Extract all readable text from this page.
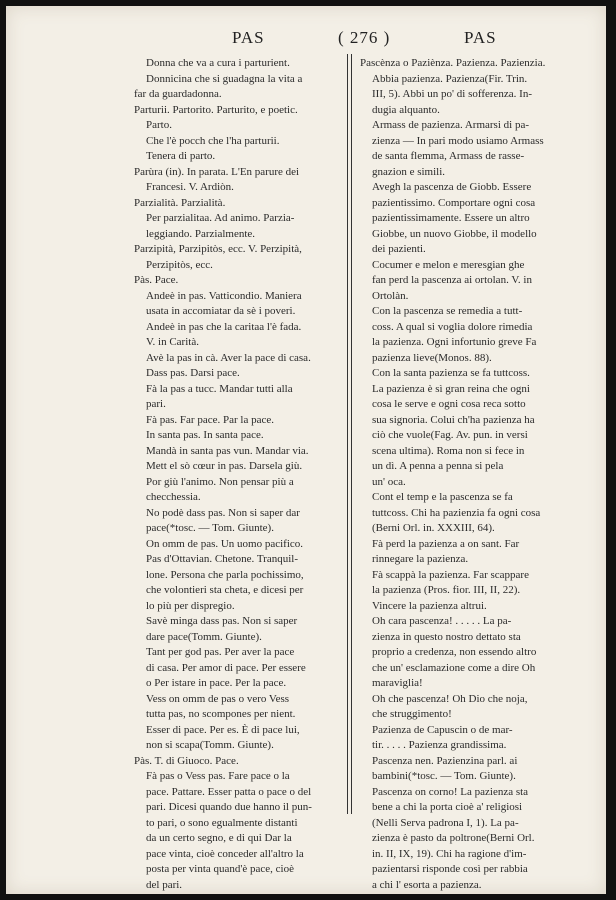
PAS	( 276 )	PAS
Donna che va a cura i parturient.
Donnicina che si guadagna la vita a
far da guardadonna.
Parturii. Partorito. Parturito, e poetic.
Parto.
Che l'è pocch che l'ha parturii.
Tenera di parto.
Parùra (in). In parata. L'En parure dei
Francesi. V. Ardiòn.
Parzialità. Parzialità.
Per parzialitaa. Ad animo. Parzia-
leggiando. Parzialmente.
Parzipità, Parzipitòs, ecc. V. Perzipità,
Perzipitòs, ecc.
Pàs. Pace.
Andeè in pas. Vatticondio. Maniera
usata in accomiatar da sè i poveri.
Andeè in pas che la caritaa l'è fada.
V. in Carità.
Avè la pas in cà. Aver la pace di casa.
Dass pas. Darsi pace.
Fà la pas a tucc. Mandar tutti alla
pari.
Fà pas. Far pace. Par la pace.
In santa pas. In santa pace.
Mandà in santa pas vun. Mandar via.
Mett el sò cœur in pas. Darsela giù.
Por giù l'animo. Non pensar più a
checchessia.
No podè dass pas. Non si saper dar
pace(*tosc. — Tom. Giunte).
On omm de pas. Un uomo pacifico.
Pas d'Ottavian. Chetone. Tranquil-
lone. Persona che parla pochissimo,
che volontieri sta cheta, e dicesi per
lo più per dispregio.
Savè minga dass pas. Non si saper
dare pace(Tomm. Giunte).
Tant per god pas. Per aver la pace
di casa. Per amor di pace. Per essere
o Per istare in pace. Per la pace.
Vess on omm de pas o vero Vess
tutta pas, no scompones per nient.
Esser di pace. Per es. È di pace lui,
non si scapa(Tomm. Giunte).
Pàs. T. di Giuoco. Pace.
Fà pas o Vess pas. Fare pace o la
pace. Pattare. Esser patta o pace o del
pari. Dicesi quando due hanno il pun-
to pari, o sono egualmente distanti
da un certo segno, e di qui Dar la
pace vinta, cioè conceder all'altro la
posta per vinta quand'è pace, cioè
del pari.
Pascènza o Paziènza. Pazienza. Pazienzia.
Abbia pazienza. Pazienza(Fir. Trin.
III, 5). Abbi un po' di sofferenza. In-
dugia alquanto.
Armass de pazienza. Armarsi di pa-
zienza — In pari modo usiamo Armass
de santa flemma, Armass de rasse-
gnazion e simili.
Avegh la pascenza de Giobb. Essere
pazientissimo. Comportare ogni cosa
pazientissimamente. Essere un altro
Giobbe, un nuovo Giobbe, il modello
dei pazienti.
Cocumer e melon e meresgian ghe
fan perd la pascenza ai ortolan. V. in
Ortolàn.
Con la pascenza se remedia a tutt-
coss. A qual si voglia dolore rimedia
la pazienza. Ogni infortunio greve Fa
pazienza lieve(Monos. 88).
Con la santa pazienza se fa tuttcoss.
La pazienza è sì gran reina che ogni
cosa le serve e ogni cosa reca sotto
sua signoria. Colui ch'ha pazienza ha
ciò che vuole(Fag. Av. pun. in versi
scena ultima). Roma non si fece in
un dì. A penna a penna si pela
un' oca.
Cont el temp e la pascenza se fa
tuttcoss. Chi ha pazienzia fa ogni cosa
(Berni Orl. in. XXXIII, 64).
Fà perd la pazienza a on sant. Far
rinnegare la pazienza.
Fà scappà la pazienza. Far scappare
la pazienza (Pros. fior. III, II, 22).
Vincere la pazienza altrui.
Oh cara pascenza! . . . . . La pa-
zienza in questo nostro dettato sta
proprio a credenza, non essendo altro
che un' esclamazione come a dire Oh
maraviglia!
Oh che pascenza! Oh Dio che noja,
che struggimento!
Pazienza de Capuscin o de mar-
tir. . . . . Pazienza grandissima.
Pascenza nen. Pazienzina parl. ai
bambini(*tosc. — Tom. Giunte).
Pascenza on corno! La pazienza sta
bene a chi la porta cioè a' religiosi
(Nelli Serva padrona I, 1). La pa-
zienza è pasto da poltrone(Berni Orl.
in. II, IX, 19). Chi ha ragione d'im-
pazientarsi risponde così per rabbia
a chi l' esorta a pazienza.
